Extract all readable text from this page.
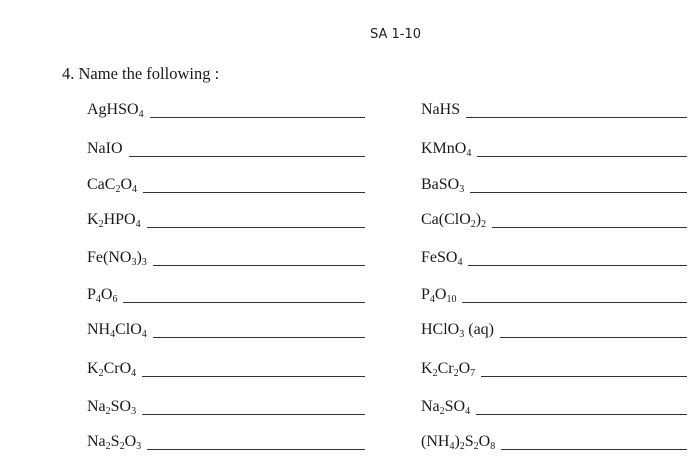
SA 1-10
4. Name the following :
AgHSO$_4$
NaIO
$CaC_2O_4$
$K_2HPO_4$
$Fe(NO_3)_3$
$P_4O_6$
$NH_4ClO_4$
$K_2CrO_4$
$Na_2SO_3$
$Na_2S_2O_3$
NaHS
KMnO$_4$
BaSO$_3$
$Ca(ClO_2)_2$
FeSO$_4$
$P_4O_{10}$
HClO$_3$ (aq)
$K_2Cr_2O_7$
$Na_2SO_4$
$(NH_4)_2S_2O_8$
